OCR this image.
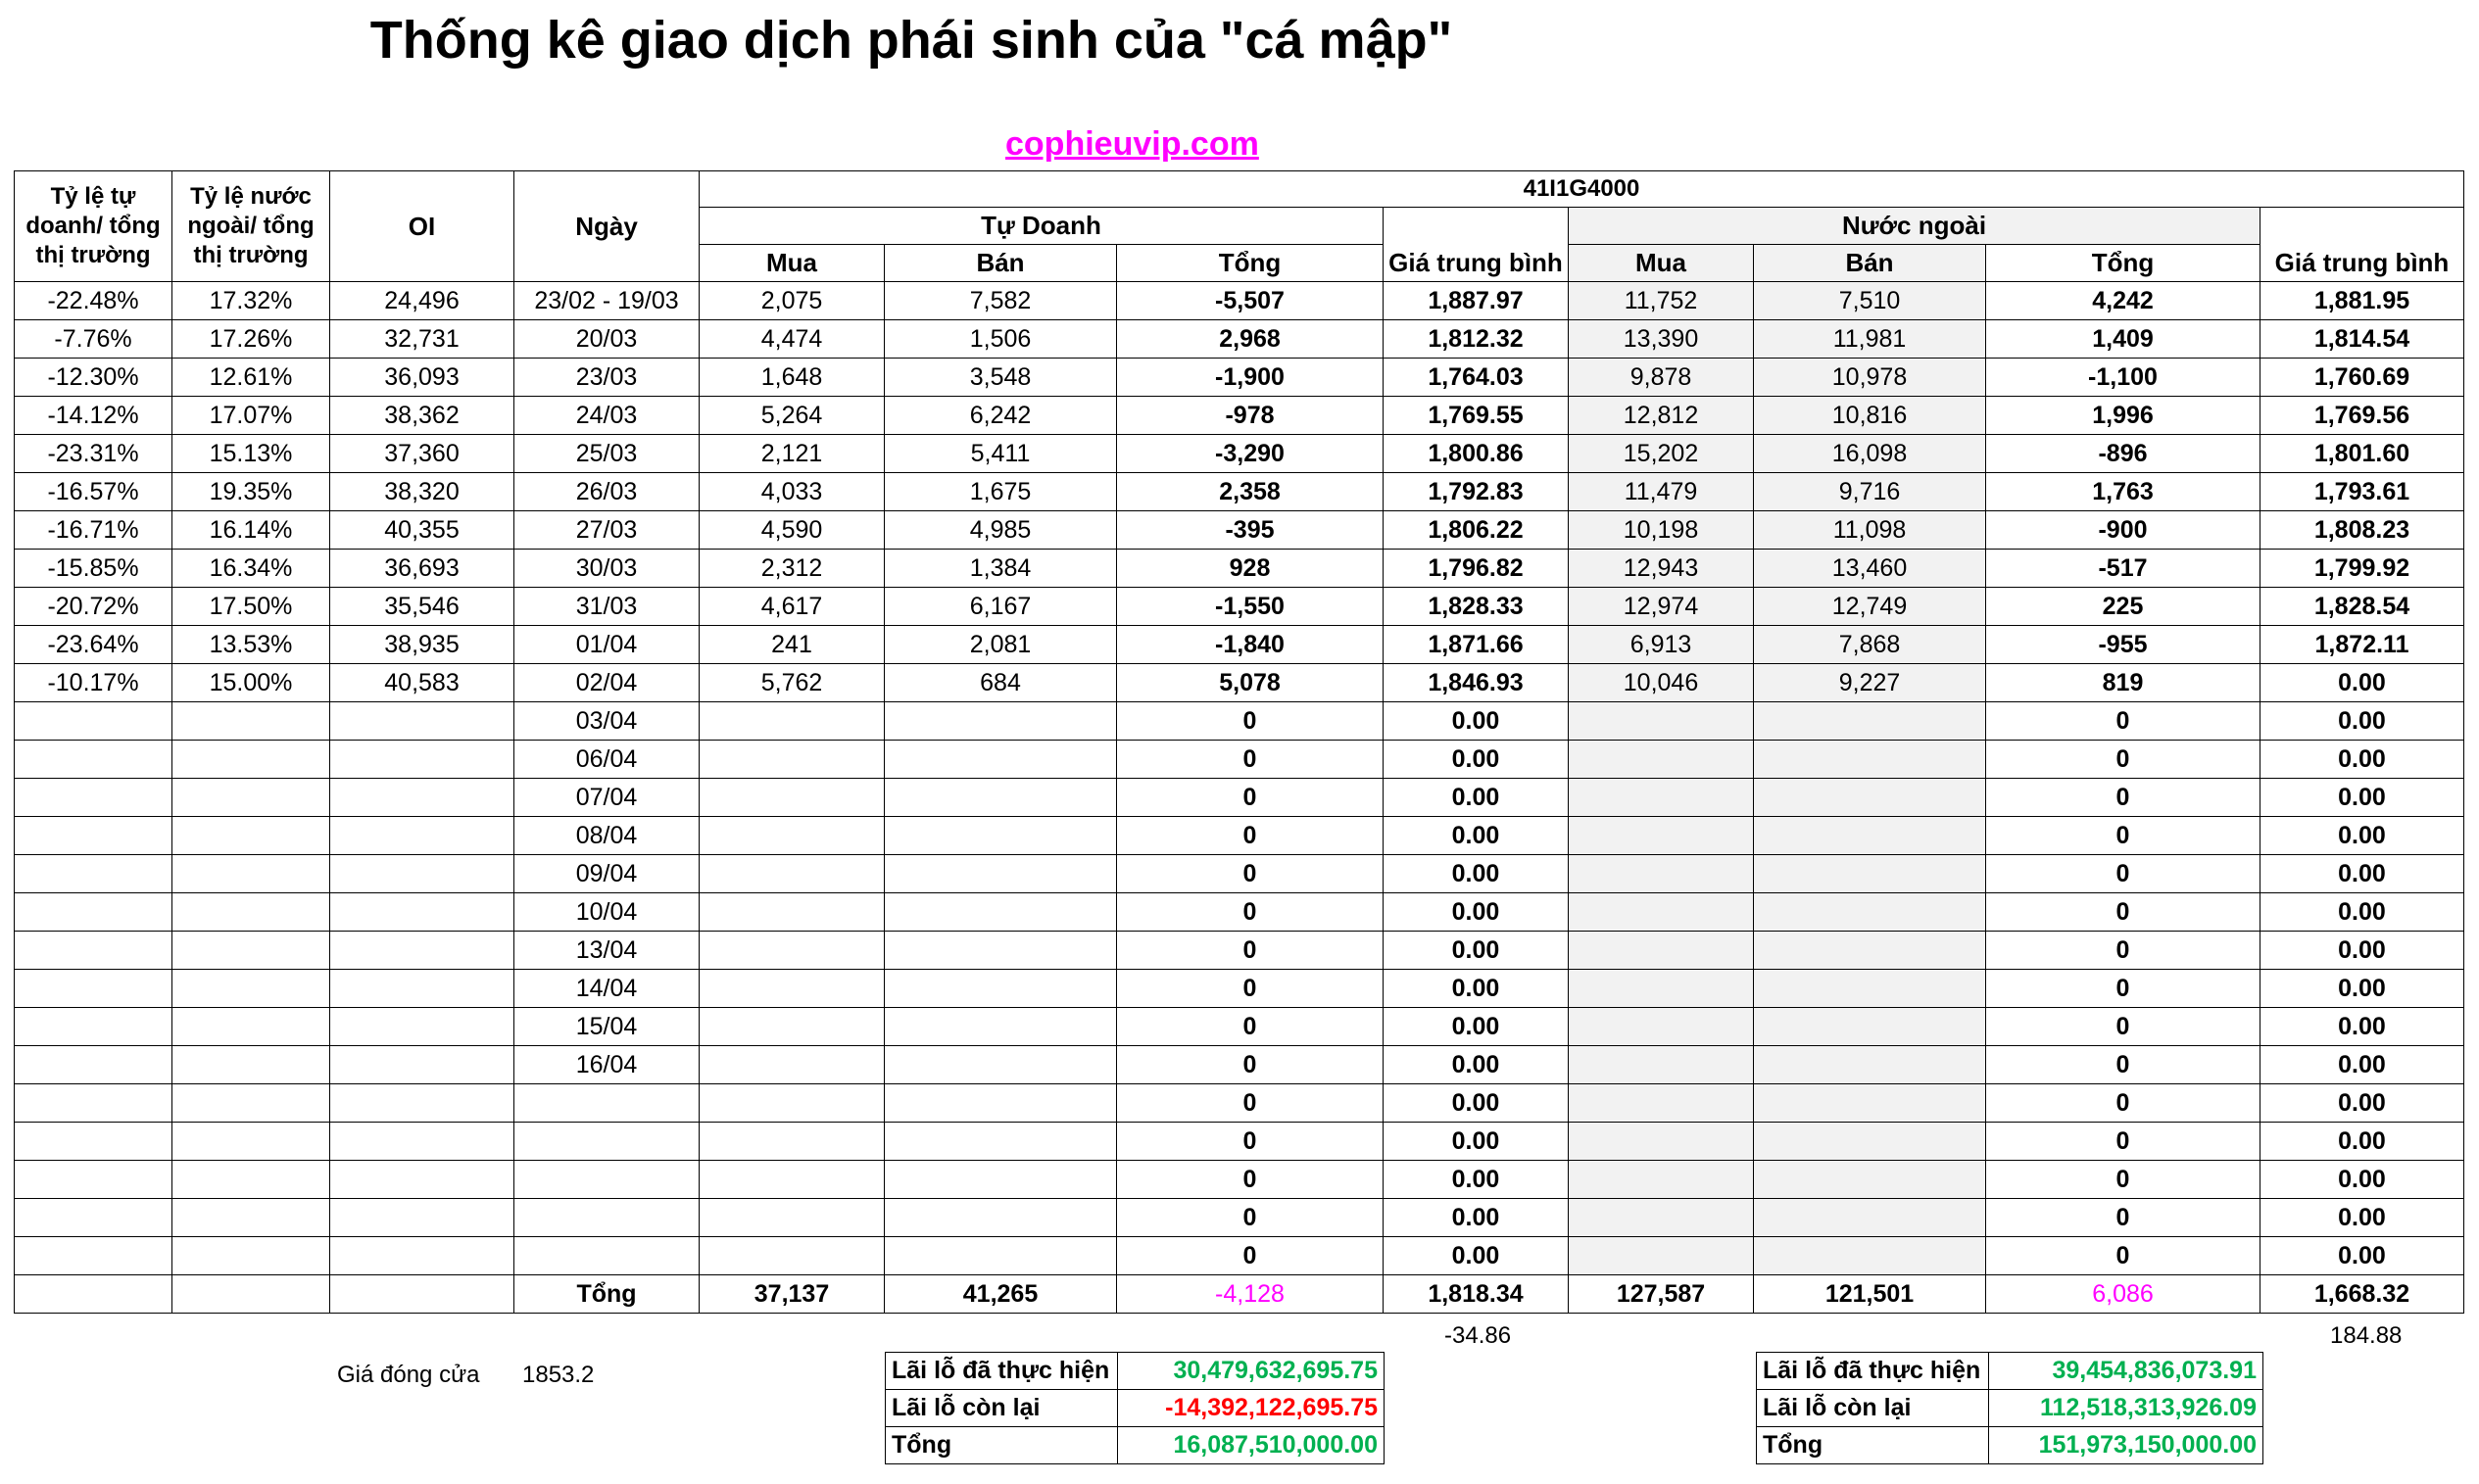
Thống kê giao dịch phái sinh của "cá mập"
cophieuvip.com
Tỷ lệ tự doanh/ tổng thị trường	Tỷ lệ nước ngoài/ tổng thị trường	OI	Ngày	41I1G4000							
				Tự Doanh				Nước ngoài			
				Mua	Bán	Tổng	Giá trung bình	Mua	Bán	Tổng	Giá trung bình
-22.48%	17.32%	24,496	23/02 - 19/03	2,075	7,582	-5,507	1,887.97	11,752	7,510	4,242	1,881.95
-7.76%	17.26%	32,731	20/03	4,474	1,506	2,968	1,812.32	13,390	11,981	1,409	1,814.54
-12.30%	12.61%	36,093	23/03	1,648	3,548	-1,900	1,764.03	9,878	10,978	-1,100	1,760.69
-14.12%	17.07%	38,362	24/03	5,264	6,242	-978	1,769.55	12,812	10,816	1,996	1,769.56
-23.31%	15.13%	37,360	25/03	2,121	5,411	-3,290	1,800.86	15,202	16,098	-896	1,801.60
-16.57%	19.35%	38,320	26/03	4,033	1,675	2,358	1,792.83	11,479	9,716	1,763	1,793.61
-16.71%	16.14%	40,355	27/03	4,590	4,985	-395	1,806.22	10,198	11,098	-900	1,808.23
-15.85%	16.34%	36,693	30/03	2,312	1,384	928	1,796.82	12,943	13,460	-517	1,799.92
-20.72%	17.50%	35,546	31/03	4,617	6,167	-1,550	1,828.33	12,974	12,749	225	1,828.54
-23.64%	13.53%	38,935	01/04	241	2,081	-1,840	1,871.66	6,913	7,868	-955	1,872.11
-10.17%	15.00%	40,583	02/04	5,762	684	5,078	1,846.93	10,046	9,227	819	0.00
			03/04			0	0.00			0	0.00
			06/04			0	0.00			0	0.00
			07/04			0	0.00			0	0.00
			08/04			0	0.00			0	0.00
			09/04			0	0.00			0	0.00
			10/04			0	0.00			0	0.00
			13/04			0	0.00			0	0.00
			14/04			0	0.00			0	0.00
			15/04			0	0.00			0	0.00
			16/04			0	0.00			0	0.00
						0	0.00			0	0.00
						0	0.00			0	0.00
						0	0.00			0	0.00
						0	0.00			0	0.00
						0	0.00			0	0.00
			Tổng	37,137	41,265	-4,128	1,818.34	127,587	121,501	6,086	1,668.32
-34.86	184.88
Giá đóng cửa 1853.2	Lãi lỗ đã thực hiện	30,479,632,695.75
Lãi lỗ còn lại	-14,392,122,695.75
Tổng	16,087,510,000.00
Lãi lỗ đã thực hiện	39,454,836,073.91
Lãi lỗ còn lại	112,518,313,926.09
Tổng	151,973,150,000.00
